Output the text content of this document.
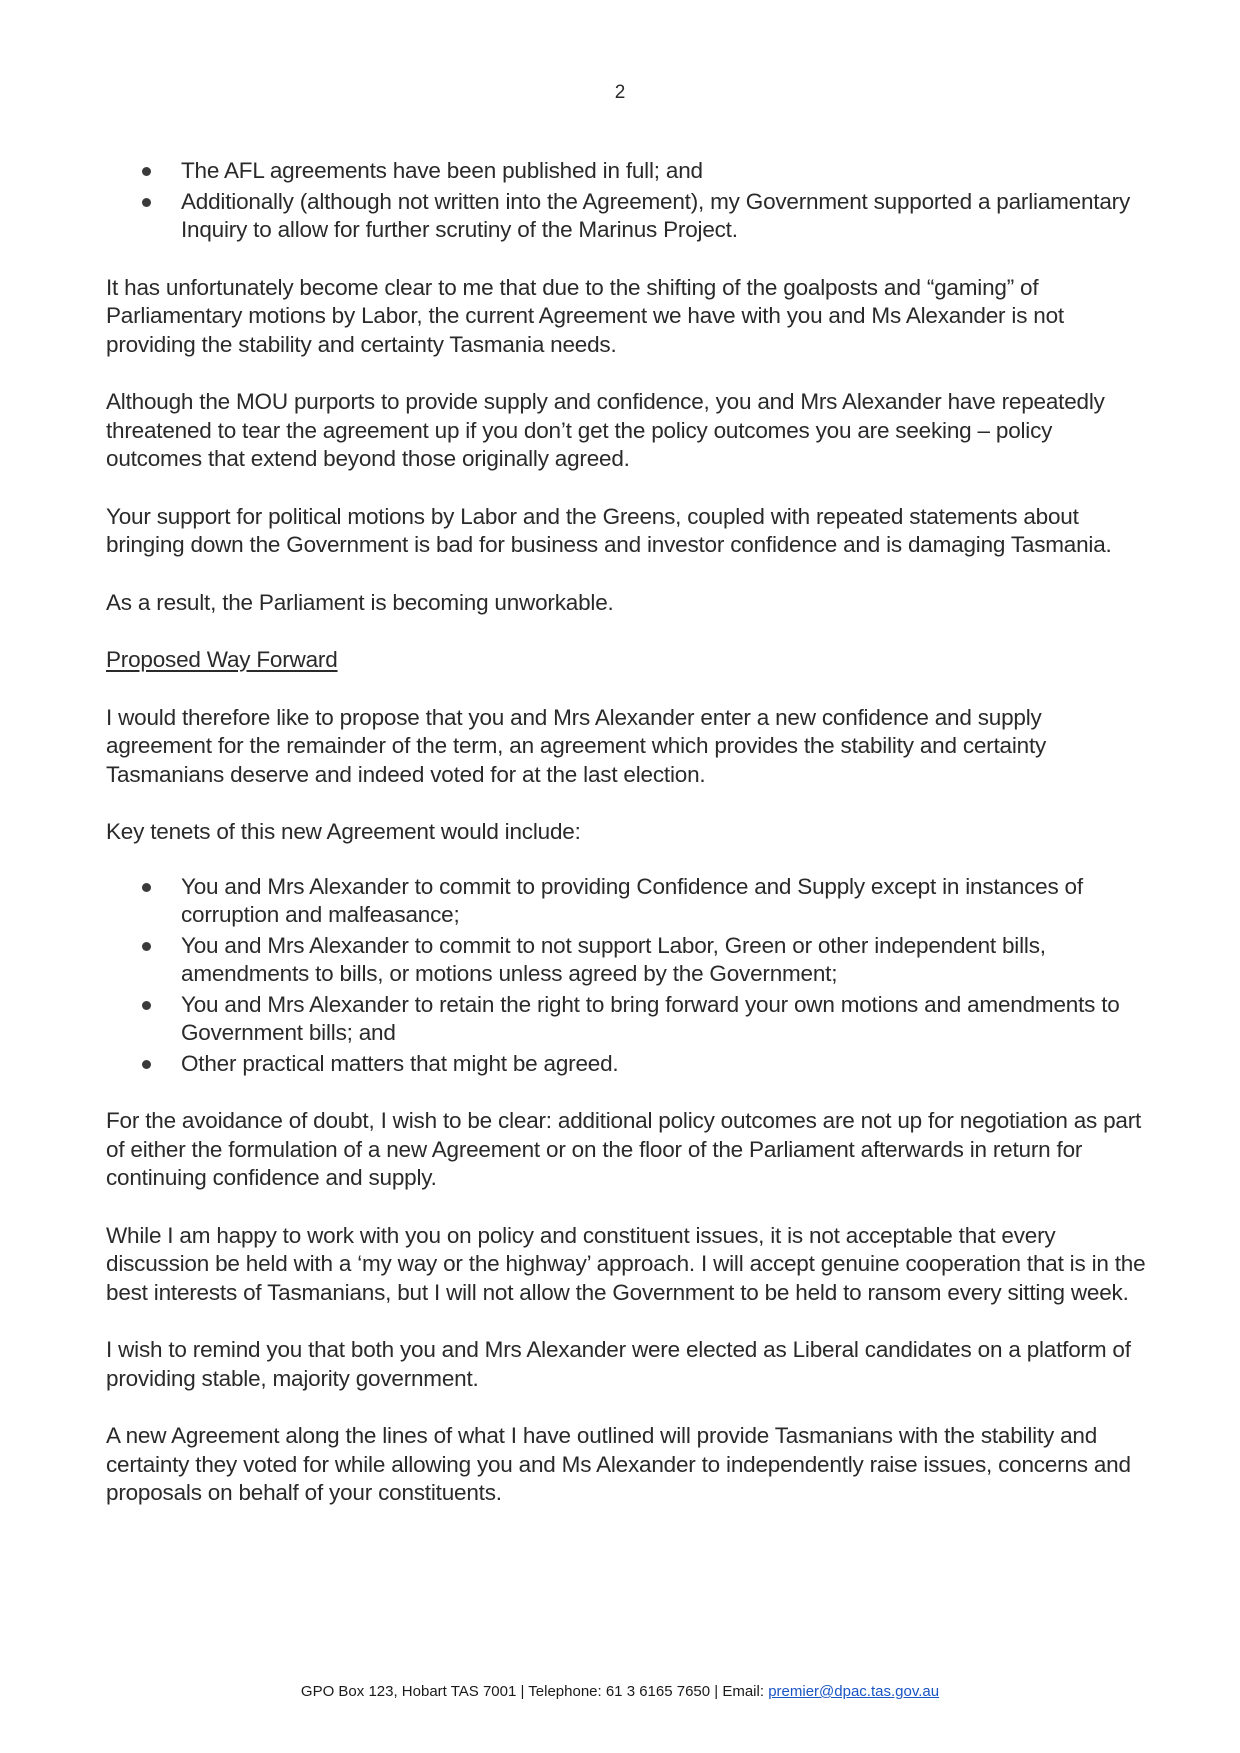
2
The AFL agreements have been published in full; and
Additionally (although not written into the Agreement), my Government supported a parliamentary Inquiry to allow for further scrutiny of the Marinus Project.

It has unfortunately become clear to me that due to the shifting of the goalposts and “gaming” of Parliamentary motions by Labor, the current Agreement we have with you and Ms Alexander is not providing the stability and certainty Tasmania needs.

Although the MOU purports to provide supply and confidence, you and Mrs Alexander have repeatedly threatened to tear the agreement up if you don’t get the policy outcomes you are seeking – policy outcomes that extend beyond those originally agreed.

Your support for political motions by Labor and the Greens, coupled with repeated statements about bringing down the Government is bad for business and investor confidence and is damaging Tasmania.

As a result, the Parliament is becoming unworkable.

Proposed Way Forward

I would therefore like to propose that you and Mrs Alexander enter a new confidence and supply agreement for the remainder of the term, an agreement which provides the stability and certainty Tasmanians deserve and indeed voted for at the last election.

Key tenets of this new Agreement would include:

You and Mrs Alexander to commit to providing Confidence and Supply except in instances of corruption and malfeasance;
You and Mrs Alexander to commit to not support Labor, Green or other independent bills, amendments to bills, or motions unless agreed by the Government;
You and Mrs Alexander to retain the right to bring forward your own motions and amendments to Government bills; and
Other practical matters that might be agreed.

For the avoidance of doubt, I wish to be clear: additional policy outcomes are not up for negotiation as part of either the formulation of a new Agreement or on the floor of the Parliament afterwards in return for continuing confidence and supply.

While I am happy to work with you on policy and constituent issues, it is not acceptable that every discussion be held with a ‘my way or the highway’ approach. I will accept genuine cooperation that is in the best interests of Tasmanians, but I will not allow the Government to be held to ransom every sitting week.

I wish to remind you that both you and Mrs Alexander were elected as Liberal candidates on a platform of providing stable, majority government.

A new Agreement along the lines of what I have outlined will provide Tasmanians with the stability and certainty they voted for while allowing you and Ms Alexander to independently raise issues, concerns and proposals on behalf of your constituents.

GPO Box 123, Hobart TAS 7001 | Telephone: 61 3 6165 7650 | Email: premier@dpac.tas.gov.au
